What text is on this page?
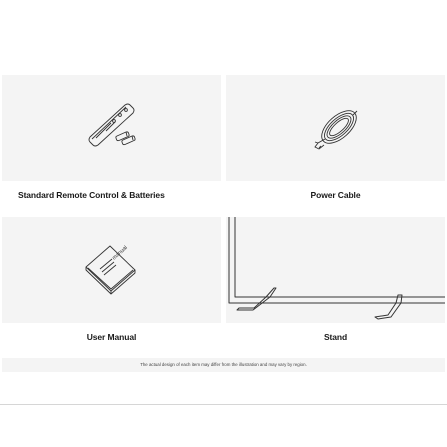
Standard Remote Control & Batteries	Power Cable
manual
User Manual	Stand
The actual design of each item may differ from the illustration and may vary by region.
